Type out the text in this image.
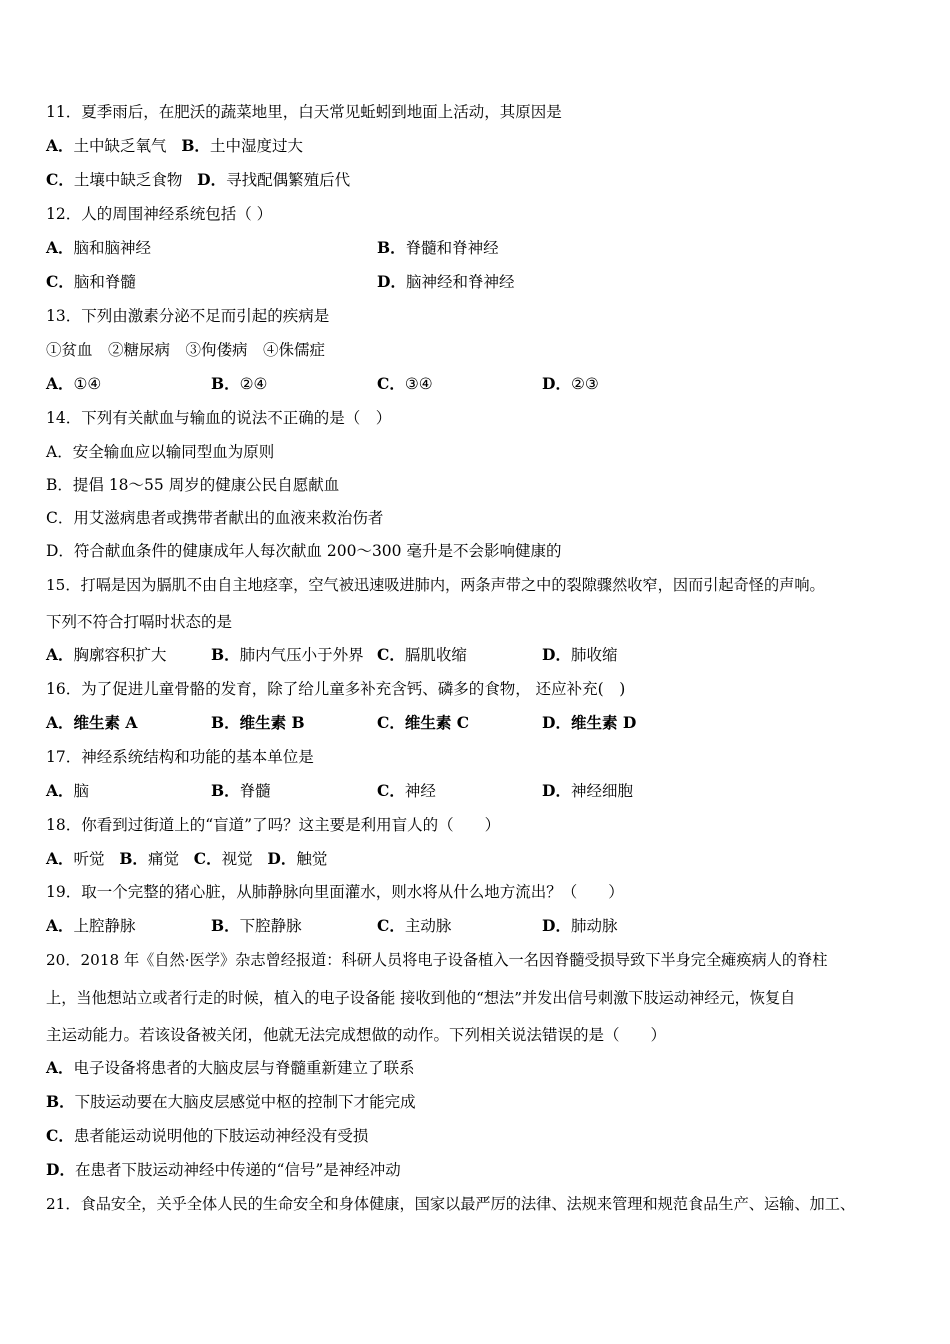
11．夏季雨后，在肥沃的蔬菜地里，白天常见蚯蚓到地面上活动，其原因是
A．土中缺乏氧气 B．土中湿度过大
C．土壤中缺乏食物 D．寻找配偶繁殖后代
12．人的周围神经系统包括（ ）
A．脑和脑神经	B．脊髓和脊神经
C．脑和脊髓	D．脑神经和脊神经
13．下列由激素分泌不足而引起的疾病是
①贫血　②糖尿病　③佝偻病　④侏儒症
A．①④	B．②④	C．③④	D．②③
14．下列有关献血与输血的说法不正确的是（　）
A．安全输血应以输同型血为原则
B．提倡 18～55 周岁的健康公民自愿献血
C．用艾滋病患者或携带者献出的血液来救治伤者
D．符合献血条件的健康成年人每次献血 200～300 毫升是不会影响健康的
15．打嗝是因为膈肌不由自主地痉挛，空气被迅速吸进肺内，两条声带之中的裂隙骤然收窄，因而引起奇怪的声响。
下列不符合打嗝时状态的是
A．胸廓容积扩大	B．肺内气压小于外界 C．膈肌收缩	D．肺收缩
16．为了促进儿童骨骼的发育，除了给儿童多补充含钙、磷多的食物， 还应补充(　)
A．维生素 A	B．维生素 B	C．维生素 C	D．维生素 D
17．神经系统结构和功能的基本单位是
A．脑	B．脊髓	C．神经	D．神经细胞
18．你看到过街道上的“盲道”了吗？这主要是利用盲人的（　　）
A．听觉 B．痛觉 C．视觉 D．触觉
19．取一个完整的猪心脏，从肺静脉向里面灌水，则水将从什么地方流出？（　　）
A．上腔静脉	B．下腔静脉	C．主动脉	D．肺动脉
20．2018 年《自然·医学》杂志曾经报道：科研人员将电子设备植入一名因脊髓受损导致下半身完全瘫痪病人的脊柱
上，当他想站立或者行走的时候，植入的电子设备能 接收到他的“想法”并发出信号刺激下肢运动神经元，恢复自
主运动能力。若该设备被关闭，他就无法完成想做的动作。下列相关说法错误的是（　　）
A．电子设备将患者的大脑皮层与脊髓重新建立了联系
B．下肢运动要在大脑皮层感觉中枢的控制下才能完成
C．患者能运动说明他的下肢运动神经没有受损
D．在患者下肢运动神经中传递的“信号”是神经冲动
21．食品安全，关乎全体人民的生命安全和身体健康，国家以最严厉的法律、法规来管理和规范食品生产、运输、加工、
